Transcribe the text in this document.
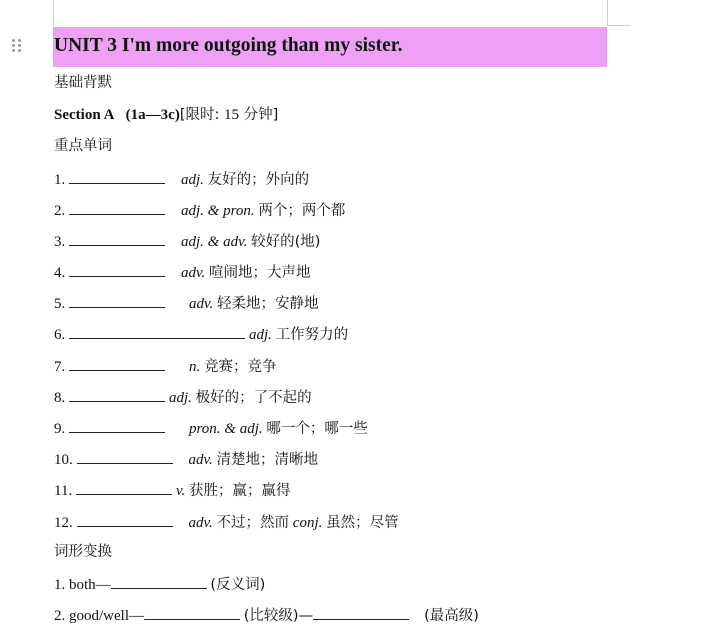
UNIT 3 I'm more outgoing than my sister.
基础背默
Section A (1a—3c)[限时: 15 分钟]
重点单词
1.	adj. 友好的；外向的
2.	adj. & pron. 两个；两个都
3.	adj. & adv. 较好的(地)
4.	adv. 喧闹地；大声地
5.	adv. 轻柔地；安静地
6.	adj. 工作努力的
7.	n. 竞赛；竞争
8.	adj. 极好的；了不起的
9.	pron. & adj. 哪一个；哪一些
10.	adv. 清楚地；清晰地
11.	v. 获胜；赢；赢得
12.	adv. 不过；然而 conj. 虽然；尽管
词形变换
1. both—	(反义词)
2. good/well—	(比较级)—	(最高级)
